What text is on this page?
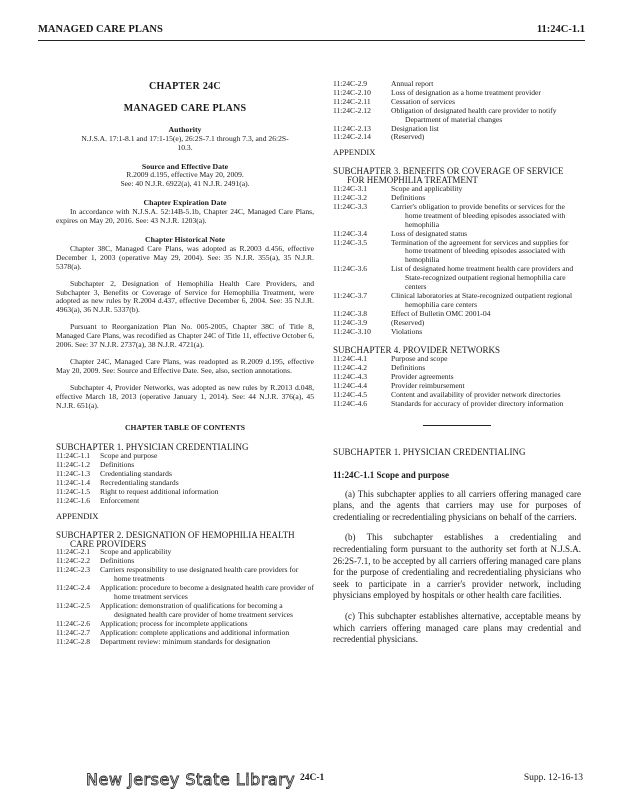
MANAGED CARE PLANS	11:24C-1.1
CHAPTER 24C
MANAGED CARE PLANS
Authority
N.J.S.A. 17:1-8.1 and 17:1-15(e), 26:2S-7.1 through 7.3, and 26:2S-10.3.
Source and Effective Date
R.2009 d.195, effective May 20, 2009.
See: 40 N.J.R. 6922(a), 41 N.J.R. 2491(a).
Chapter Expiration Date

In accordance with N.J.S.A. 52:14B-5.1b, Chapter 24C, Managed Care Plans, expires on May 20, 2016. See: 43 N.J.R. 1203(a).

Chapter Historical Note

Chapter 38C, Managed Care Plans, was adopted as R.2003 d.456, effective December 1, 2003 (operative May 29, 2004). See: 35 N.J.R. 355(a), 35 N.J.R. 5378(a).

Subchapter 2, Designation of Hemophilia Health Care Providers, and Subchapter 3, Benefits or Coverage of Service for Hemophilia Treatment, were adopted as new rules by R.2004 d.437, effective December 6, 2004. See: 35 N.J.R. 4963(a), 36 N.J.R. 5337(b).

Pursuant to Reorganization Plan No. 005-2005, Chapter 38C of Title 8, Managed Care Plans, was recodified as Chapter 24C of Title 11, effective October 6, 2006. See: 37 N.J.R. 2737(a), 38 N.J.R. 4721(a).

Chapter 24C, Managed Care Plans, was readopted as R.2009 d.195, effective May 20, 2009. See: Source and Effective Date. See, also, section annotations.

Subchapter 4, Provider Networks, was adopted as new rules by R.2013 d.048, effective March 18, 2013 (operative January 1, 2014). See: 44 N.J.R. 376(a), 45 N.J.R. 651(a).

CHAPTER TABLE OF CONTENTS
SUBCHAPTER 1. PHYSICIAN CREDENTIALING
11:24C-1.1	Scope and purpose
11:24C-1.2	Definitions
11:24C-1.3	Credentialing standards
11:24C-1.4	Recredentialing standards
11:24C-1.5	Right to request additional information
11:24C-1.6	Enforcement
APPENDIX
SUBCHAPTER 2. DESIGNATION OF HEMOPHILIA HEALTH CARE PROVIDERS
11:24C-2.1	Scope and applicability
11:24C-2.2	Definitions
11:24C-2.3	Carriers responsibility to use designated health care providers for home treatments
11:24C-2.4	Application: procedure to become a designated health care provider of home treatment services
11:24C-2.5	Application: demonstration of qualifications for becoming a designated health care provider of home treatment services
11:24C-2.6	Application; process for incomplete applications
11:24C-2.7	Application: complete applications and additional information
11:24C-2.8	Department review: minimum standards for designation
11:24C-2.9	Annual report
11:24C-2.10	Loss of designation as a home treatment provider
11:24C-2.11	Cessation of services
11:24C-2.12	Obligation of designated health care provider to notify Department of material changes
11:24C-2.13	Designation list
11:24C-2.14	(Reserved)
APPENDIX
SUBCHAPTER 3. BENEFITS OR COVERAGE OF SERVICE FOR HEMOPHILIA TREATMENT
11:24C-3.1	Scope and applicability
11:24C-3.2	Definitions
11:24C-3.3	Carrier's obligation to provide benefits or services for the home treatment of bleeding episodes associated with hemophilia
11:24C-3.4	Loss of designated status
11:24C-3.5	Termination of the agreement for services and supplies for home treatment of bleeding episodes associated with hemophilia
11:24C-3.6	List of designated home treatment health care providers and State-recognized outpatient regional hemophilia care centers
11:24C-3.7	Clinical laboratories at State-recognized outpatient regional hemophilia care centers
11:24C-3.8	Effect of Bulletin OMC 2001-04
11:24C-3.9	(Reserved)
11:24C-3.10	Violations
SUBCHAPTER 4. PROVIDER NETWORKS
11:24C-4.1	Purpose and scope
11:24C-4.2	Definitions
11:24C-4.3	Provider agreements
11:24C-4.4	Provider reimbursement
11:24C-4.5	Content and availability of provider network directories
11:24C-4.6	Standards for accuracy of provider directory information
SUBCHAPTER 1. PHYSICIAN CREDENTIALING
11:24C-1.1 Scope and purpose

(a) This subchapter applies to all carriers offering managed care plans, and the agents that carriers may use for purposes of credentialing or recredentialing physicians on behalf of the carriers.

(b) This subchapter establishes a credentialing and recredentialing form pursuant to the authority set forth at N.J.S.A. 26:2S-7.1, to be accepted by all carriers offering managed care plans for the purpose of credentialing and recredentialing physicians who seek to participate in a carrier's provider network, including physicians employed by hospitals or other health care facilities.

(c) This subchapter establishes alternative, acceptable means by which carriers offering managed care plans may credential and recredential physicians.

New Jersey State Library 24C-1	Supp. 12-16-13
